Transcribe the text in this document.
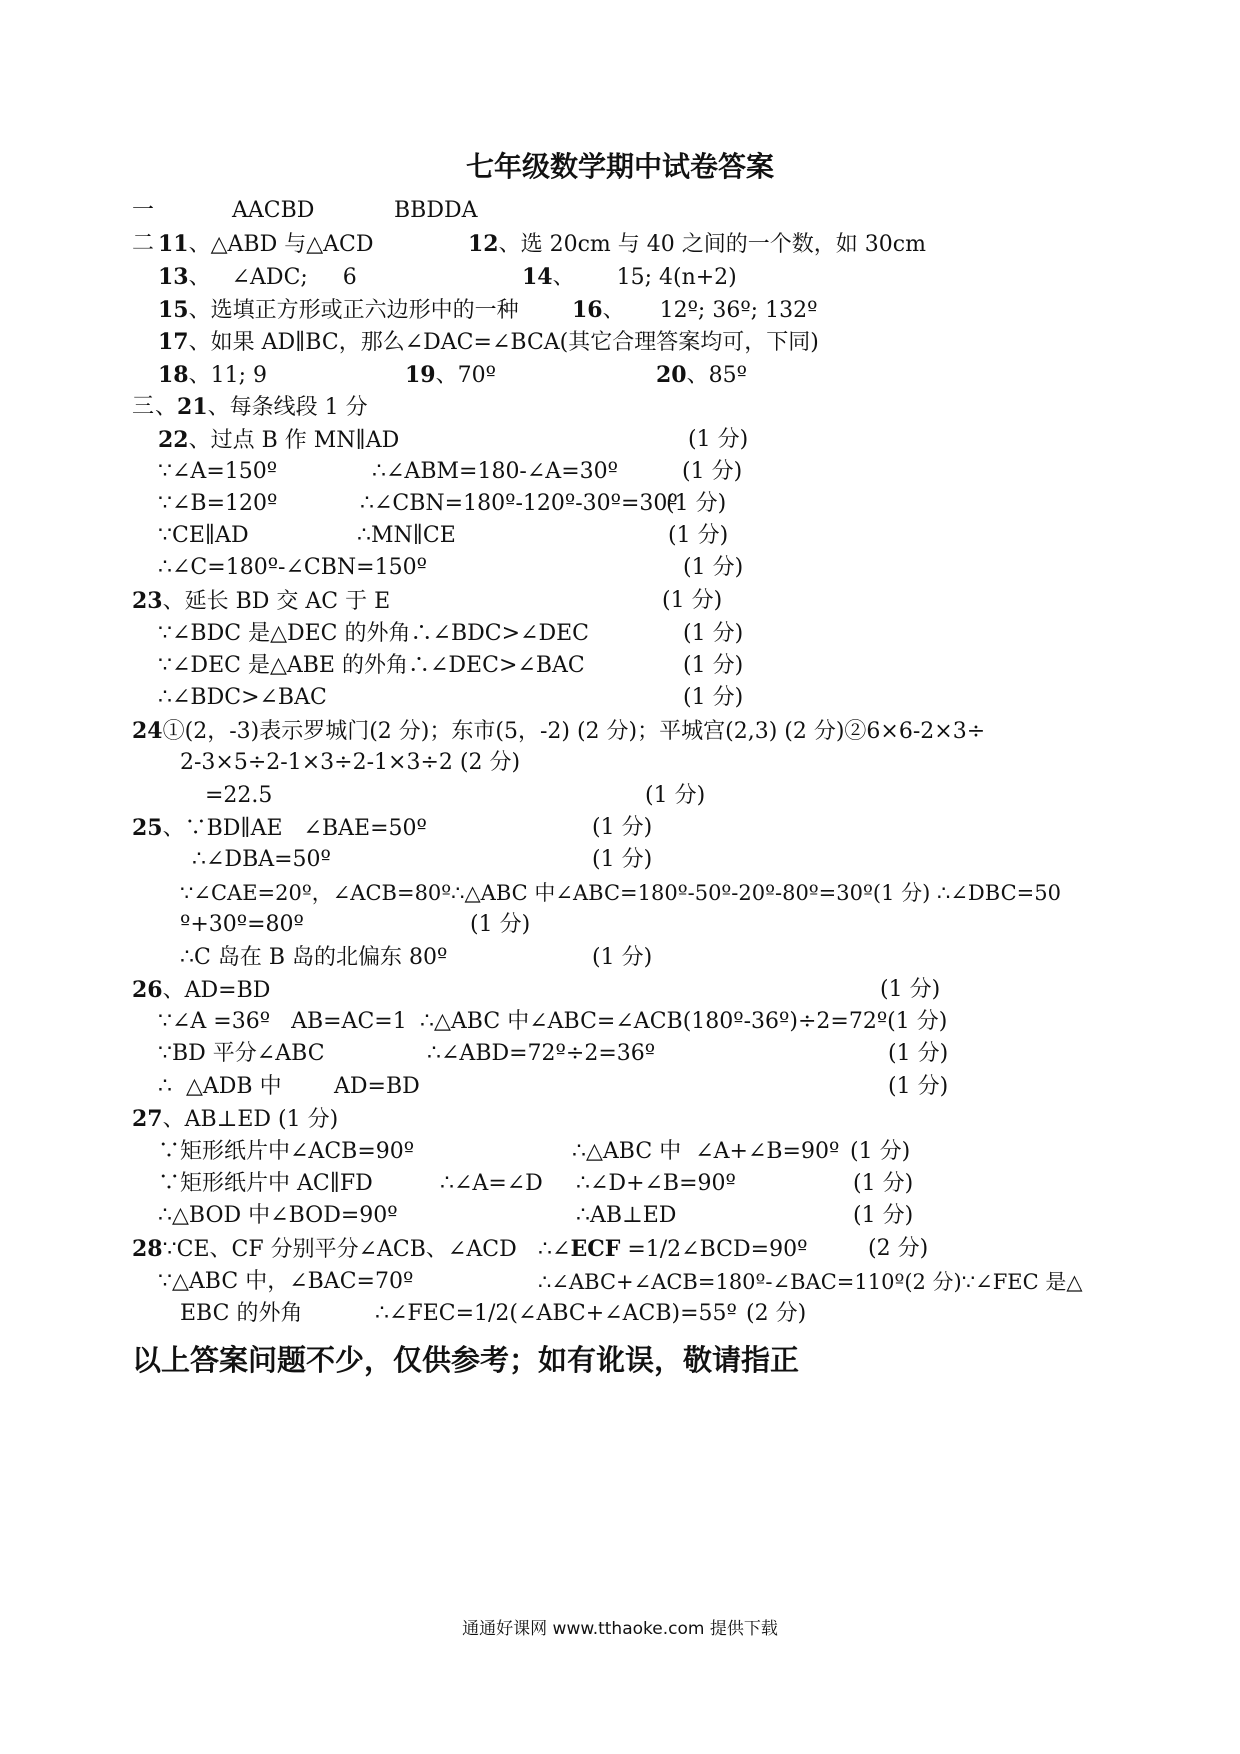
七年级数学期中试卷答案
一	AACBD	BBDDA
二 11、△ABD 与△ACD	12、选 20cm 与 40 之间的一个数，如 30cm
13、   ∠ADC;     6	14、      15; 4(n+2)
15、选填正方形或正六边形中的一种 16、     12º; 36º; 132º
17、如果 AD∥BC，那么∠DAC=∠BCA(其它合理答案均可，下同)
18、11; 9	19、70º	20、85º
三 、21、每条线段 1 分
22、过点 B 作 MN∥AD	(1 分)
∵∠A=150º	∴∠ABM=180-∠A=30º	(1 分)
∵∠B=120º	∴∠CBN=180º-120º-30º=30º
(1 分)
∵CE∥AD	∴MN∥CE	(1 分)
∴∠C=180º-∠CBN=150º	(1 分)
23、延长 BD 交 AC 于 E	(1 分)
∵∠BDC 是△DEC 的外角∴∠BDC>∠DEC	(1 分)
∵∠DEC 是△ABE 的外角∴∠DEC>∠BAC	(1 分)
∴∠BDC>∠BAC	(1 分)
24①(2，-3)表示罗城门(2 分)；东市(5，-2) (2 分)；平城宫(2,3) (2 分)②6×6-2×3÷
2-3×5÷2-1×3÷2-1×3÷2 (2 分)
=22.5	(1 分)
25、∵BD∥AE   ∠BAE=50º	(1 分)
∴∠DBA=50º	(1 分)
∵∠CAE=20º，∠ACB=80º∴△ABC 中∠ABC=180º-50º-20º-80º=30º(1 分) ∴∠DBC=50
º+30º=80º	(1 分)
∴C 岛在 B 岛的北偏东 80º	(1 分)
26、AD=BD	(1 分)
∵∠A =36º   AB=AC=1 ∴△ABC 中∠ABC=∠ACB(180º-36º)÷2=72º(1 分)
∵BD 平分∠ABC	∴∠ABD=72º÷2=36º	(1 分)
∴  △ADB 中 AD=BD	(1 分)
27、AB⊥ED (1 分)
∵矩形纸片中∠ACB=90º	∴△ABC 中  ∠A+∠B=90º (1 分)
∵矩形纸片中 AC∥FD	∴∠A=∠D ∴∠D+∠B=90º	(1 分)
∴△BOD 中∠BOD=90º	∴AB⊥ED	(1 分)
28∵CE、CF 分别平分∠ACB、∠ACD ∴∠ECF =1/2∠BCD=90º	(2 分)
∵△ABC 中，∠BAC=70º	∴∠ABC+∠ACB=180º-∠BAC=110º(2 分)∵∠FEC 是△
EBC 的外角	∴∠FEC=1/2(∠ABC+∠ACB)=55º (2 分)
以上答案问题不少，仅供参考；如有讹误，敬请指正
通通好课网 www.tthaoke.com 提供下载
